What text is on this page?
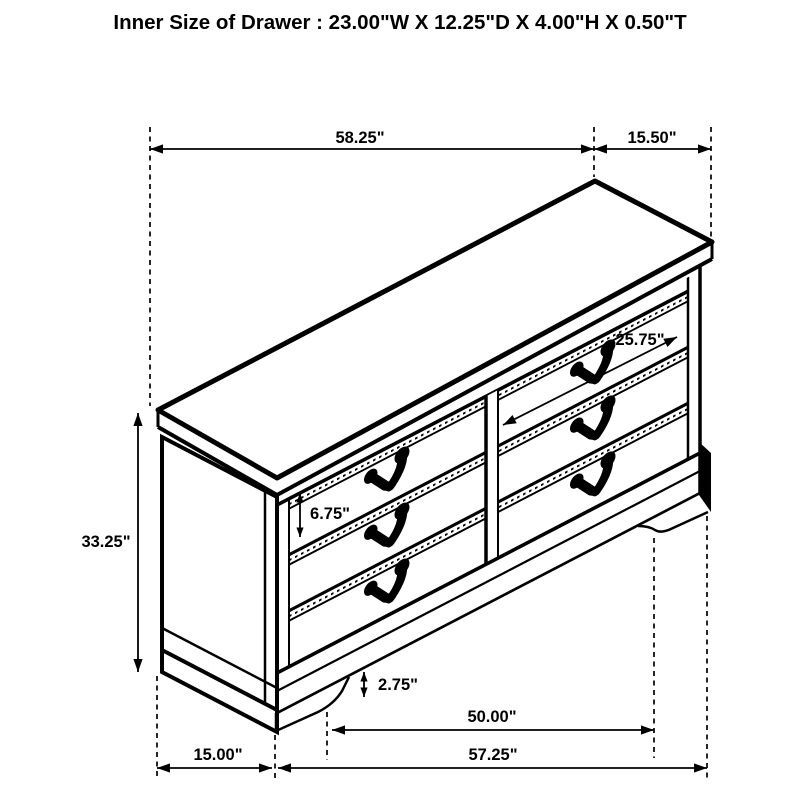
Inner Size of Drawer : 23.00"W X 12.25"D X 4.00"H X 0.50"T
58.25"	15.50"
33.25"
6.75"
25.75"
2.75"
50.00"
57.25"
15.00"
